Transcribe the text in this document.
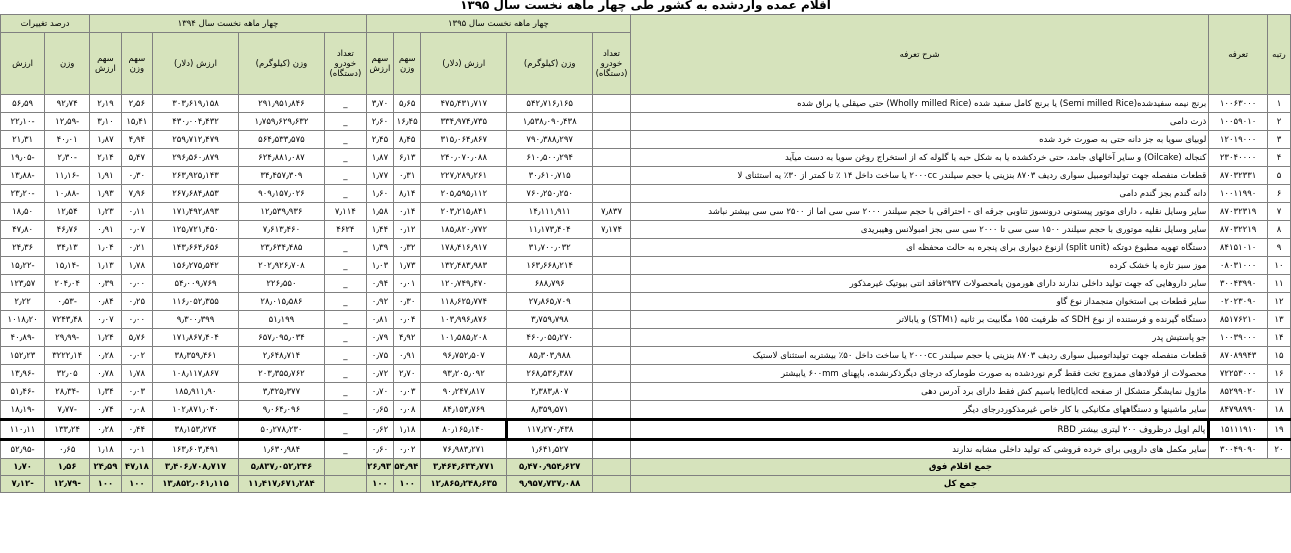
اقلام عمده واردشده به کشور طی چهار ماهه نخست سال ۱۳۹۵
رتبه	تعرفه	شرح تعرفه	چهار ماهه نخست سال ۱۳۹۵					چهار ماهه نخست سال ۱۳۹۴					درصد تغییرات	
			تعداد خودرو (دستگاه)	وزن (کیلوگرم)	ارزش (دلار)	سهم وزن	سهم ارزش	تعداد خودرو (دستگاه)	وزن (کیلوگرم)	ارزش (دلار)	سهم وزن	سهم ارزش	وزن	ارزش
۱	۱۰۰۶۳۰۰۰	برنج نیمه سفیدشده(Semi milled Rice) یا برنج کامل سفید شده (Wholly milled Rice) حتی صیقلی یا براق شده		۵۴۲٫۷۱۶٫۱۶۵	۴۷۵٫۴۳۱٫۷۱۷	۵٫۶۵	۳٫۷۰	_	۲۹۱٫۹۵۱٫۸۴۶	۳۰۳٫۶۱۹٫۱۵۸	۲٫۵۶	۲٫۱۹	۹۲٫۷۴	۵۶٫۵۹
۲	۱۰۰۵۹۰۱۰	ذرت دامی		۱٫۵۳۸٫۰۹۰٫۴۳۸	۳۳۴٫۹۷۴٫۷۳۵	۱۶٫۴۵	۲٫۶۰	_	۱٫۷۵۹٫۶۲۹٫۶۳۲	۴۳۰٫۰۰۴٫۴۳۲	۱۵٫۴۱	۳٫۱۰	-۱۲٫۵۹	-۲۲٫۱۰
۳	۱۲۰۱۹۰۰۰	لوبیای سویا به جز دانه حتی به صورت خرد شده		۷۹۰٫۳۸۸٫۲۹۷	۳۱۵٫۰۶۴٫۸۶۷	۸٫۴۵	۲٫۴۵	_	۵۶۴٫۵۳۳٫۵۷۵	۲۵۹٫۷۱۲٫۴۷۹	۴٫۹۴	۱٫۸۷	۴۰٫۰۱	۲۱٫۳۱
۴	۲۳۰۴۰۰۰۰	کنجاله (Oilcake) و سایر آخالهای جامد، حتی خردکشده یا به شکل حبه یا گلوله که از استخراج روغن سویا به دست میآید		۶۱۰٫۵۰۰٫۲۹۴	۲۴۰٫۰۷۰٫۰۸۸	۶٫۱۳	۱٫۸۷	_	۶۲۴٫۸۸۱٫۰۸۷	۲۹۶٫۵۶۰٫۸۷۹	۵٫۴۷	۲٫۱۴	-۲٫۳۰	-۱۹٫۰۵
۵	۸۷۰۳۲۳۳۱	قطعات منفصله جهت تولیداتومبیل سواری ردیف ۸۷۰۳ بنزینی یا حجم سیلندر ۲۰۰۰cc یا ساخت داخل ۱۴ ٪ تا کمتر از ۳۰٪ یه استثنای لا		۳۰٫۶۱۰٫۷۱۵	۲۲۷٫۲۸۹٫۲۶۱	۰٫۳۱	۱٫۷۷	_	۳۴٫۴۵۷٫۳۰۹	۲۶۳٫۹۲۵٫۱۴۳	۰٫۳۰	۱٫۹۱	-۱۱٫۱۶	-۱۳٫۸۸
۶	۱۰۰۱۱۹۹۰	دانه گندم بجز گندم دامی		۷۶۰٫۲۵۰٫۲۵۰	۲۰۵٫۵۹۵٫۱۱۲	۸٫۱۴	۱٫۶۰	_	۹۰۹٫۱۵۷٫۰۲۶	۲۶۷٫۶۸۴٫۸۵۳	۷٫۹۶	۱٫۹۳	-۱۰٫۸۸	-۲۳٫۲۰
۷	۸۷۰۳۲۳۱۹	سایر وسایل نقلیه ، دارای موتور پیستونی درونسوز تناوبی جرقه ای - احتراقی با حجم سیلندر ۲۰۰۰ سی سی اما از ۲۵۰۰ سی سی بیشتر نباشد	۷٫۸۳۷	۱۴٫۱۱۱٫۹۱۱	۲۰۳٫۲۱۵٫۸۴۱	۰٫۱۴	۱٫۵۸	۷٫۱۱۴	۱۲٫۵۳۹٫۹۳۶	۱۷۱٫۴۹۲٫۸۹۳	۰٫۱۱	۱٫۲۳	۱۲٫۵۴	۱۸٫۵۰
۸	۸۷۰۳۲۲۱۹	سایر وسایل نقلیه موتوری با حجم سیلندر ۱۵۰۰ سی سی تا ۲۰۰۰ سی سی بجز امبولانس وهیبریدی	۷٫۱۷۴	۱۱٫۱۷۳٫۴۰۴	۱۸۵٫۸۲۰٫۷۷۲	۰٫۱۲	۱٫۴۴	۴۶۲۴	۷٫۶۱۳٫۴۶۰	۱۲۵٫۷۲۱٫۴۵۰	۰٫۰۷	۰٫۹۱	۴۶٫۷۶	۴۷٫۸۰
۹	۸۴۱۵۱۰۱۰	دستگاه تهویه مطبوع دوتکه (split unit) ازنوع دیواری برای پنجره به حالت محفظه ای		۳۱٫۷۰۰٫۰۳۲	۱۷۸٫۴۱۶٫۹۱۷	۰٫۳۲	۱٫۳۹	_	۲۳٫۶۳۴٫۴۸۵	۱۴۳٫۶۶۴٫۶۵۶	۰٫۲۱	۱٫۰۴	۳۴٫۱۳	۲۴٫۳۶
۱۰	۰۸۰۳۱۰۰۰	موز سبز تازه یا خشک کرده		۱۶۳٫۶۶۸٫۲۱۴	۱۳۲٫۴۸۳٫۹۸۳	۱٫۷۳	۱٫۰۳	_	۲۰۲٫۹۲۶٫۷۰۸	۱۵۶٫۲۷۵٫۵۴۲	۱٫۷۸	۱٫۱۳	-۱۵٫۱۴	-۱۵٫۲۲
۱۱	۳۰۰۴۳۹۹۰	سایر داروهایی که جهت تولید داخلی ندارند دارای هورمون یامحصولات ۲۹۳۷فاقد انتی بیوتیک غیرمذکور		۶۸۸٫۷۹۶	۱۲۰٫۷۴۹٫۴۷۰	۰٫۰۱	۰٫۹۴	_	۲۲۶٫۵۵۰	۵۴٫۰۰۹٫۷۶۹	۰٫۰۰	۰٫۳۹	۲۰۴٫۰۴	۱۲۳٫۵۷
۱۲	۰۲۰۲۳۰۹۰	سایر قطعات بی استخوان منجمداز نوع گاو		۲۷٫۸۶۵٫۷۰۹	۱۱۸٫۶۲۵٫۷۷۴	۰٫۳۰	۰٫۹۲	_	۲۸٫۰۱۵٫۵۸۶	۱۱۶٫۰۵۲٫۳۵۵	۰٫۲۵	۰٫۸۴	-۰٫۵۳	۲٫۲۲
۱۳	۸۵۱۷۶۲۱۰	دستگاه گیرنده و فرستنده از نوع SDH که ظرفیت ۱۵۵ مگابیت بر ثانیه (STM۱) و یابالاتر		۳٫۷۵۹٫۷۹۸	۱۰۳٫۹۹۶٫۸۷۶	۰٫۰۴	۰٫۸۱	_	۵۱٫۱۹۹	۹٫۳۰۰٫۳۹۹	۰٫۰۰	۰٫۰۷	۷۲۴۳٫۴۸	۱۰۱۸٫۲۰
۱۴	۱۰۰۳۹۰۰۰	جو پاستیش پدر		۴۶۰٫۰۵۵٫۲۷۰	۱۰۱٫۵۸۵٫۲۰۸	۴٫۹۲	۰٫۷۹	_	۶۵۷٫۰۹۵٫۰۳۴	۱۷۱٫۸۶۷٫۴۰۴	۵٫۷۶	۱٫۲۴	-۲۹٫۹۹	-۴۰٫۸۹
۱۵	۸۷۰۸۹۹۴۳	قطعات منفصله جهت تولیداتومبیل سواری ردیف ۸۷۰۳ بنزینی یا حجم سیلندر ۲۰۰۰cc یا ساخت داخل ۵۰٪ بیشتربه استثنای لاستیک		۸۵٫۳۰۳٫۹۸۸	۹۶٫۷۵۲٫۵۰۷	۰٫۹۱	۰٫۷۵	_	۲٫۶۴۸٫۷۱۴	۳۸٫۳۵۹٫۴۶۱	۰٫۰۲	۰٫۲۸	۳۲۲۲٫۱۴	۱۵۲٫۲۳
۱۶	۷۲۲۵۳۰۰۰	محصولات از فولادهای ممزوج تخت فقط گرم نوردشده به صورت طومارکه درجای دیگرذکرنشده، باپهنای ۶۰۰mm یابیشتر		۲۶۸٫۵۳۶٫۳۸۷	۹۳٫۲۰۵٫۰۹۲	۲٫۷۰	۰٫۷۲	_	۲۰۳٫۳۵۵٫۷۶۲	۱۰۸٫۱۱۷٫۸۶۷	۱٫۷۸	۰٫۷۸	۳۲٫۰۵	-۱۳٫۹۶
۱۷	۸۵۲۹۹۰۲۰	ماژول نمایشگر متشکل از صفحه lcdیاled باسیم کش فقط دارای برد آدرس دهی		۲٫۳۸۳٫۸۰۷	۹۰٫۲۴۷٫۸۱۷	۰٫۰۳	۰٫۷۰	_	۳٫۳۲۵٫۳۷۷	۱۸۵٫۹۱۱٫۹۰	۰٫۰۳	۱٫۳۴	-۲۸٫۳۴	-۵۱٫۴۶
۱۸	۸۴۷۹۸۹۹۰	سایر ماشینها و دستگاههای مکانیکی با کار خاص غیرمذکوردرجای دیگر		۸٫۳۵۹٫۵۷۱	۸۴٫۱۵۳٫۷۶۹	۰٫۰۸	۰٫۶۵	_	۹٫۰۶۴٫۰۹۶	۱۰۲٫۸۷۱٫۰۴۰	۰٫۰۸	۰٫۷۴	-۷٫۷۷	-۱۸٫۱۹
۱۹	۱۵۱۱۱۹۱۰	پالم اویل درظروف ۲۰۰ لیتری بیشتر RBD		۱۱۷٫۲۷۰٫۴۳۸	۸۰٫۱۶۵٫۱۴۰	۱٫۱۸	۰٫۶۲	_	۵۰٫۲۷۸٫۲۳۰	۳۸٫۱۵۳٫۲۷۴	۰٫۴۴	۰٫۲۸	۱۳۳٫۲۴	۱۱۰٫۱۱
۲۰	۳۰۰۴۹۰۹۰	سایر مکمل های دارویی برای خرده فروشی که تولید داخلی مشابه ندارند		۱٫۶۴۱٫۵۲۷	۷۶٫۹۸۳٫۲۷۱	۰٫۰۲	۰٫۶۰	_	۱٫۶۳۰٫۹۸۴	۱۶۳٫۶۰۳٫۴۹۱	۰٫۰۱	۱٫۱۸	۰٫۶۵	-۵۲٫۹۵
جمع اقلام فوق				۵٫۴۷۰٫۹۵۴٫۶۲۷	۳٫۴۶۴٫۶۳۴٫۷۷۱	۵۴٫۹۴	۲۶٫۹۳		۵٫۸۳۷٫۰۵۲٫۲۴۶	۳٫۴۰۶٫۷۰۸٫۷۱۷	۴۷٫۱۸	۲۴٫۵۹	۱٫۵۶	۱٫۷۰
جمع کل				۹٫۹۵۷٫۷۳۷٫۰۸۸	۱۲٫۸۶۵٫۲۴۸٫۶۳۵	۱۰۰	۱۰۰		۱۱٫۴۱۷٫۶۷۱٫۲۸۴	۱۳٫۸۵۲٫۰۶۱٫۱۱۵	۱۰۰	۱۰۰	-۱۲٫۷۹	-۷٫۱۲
